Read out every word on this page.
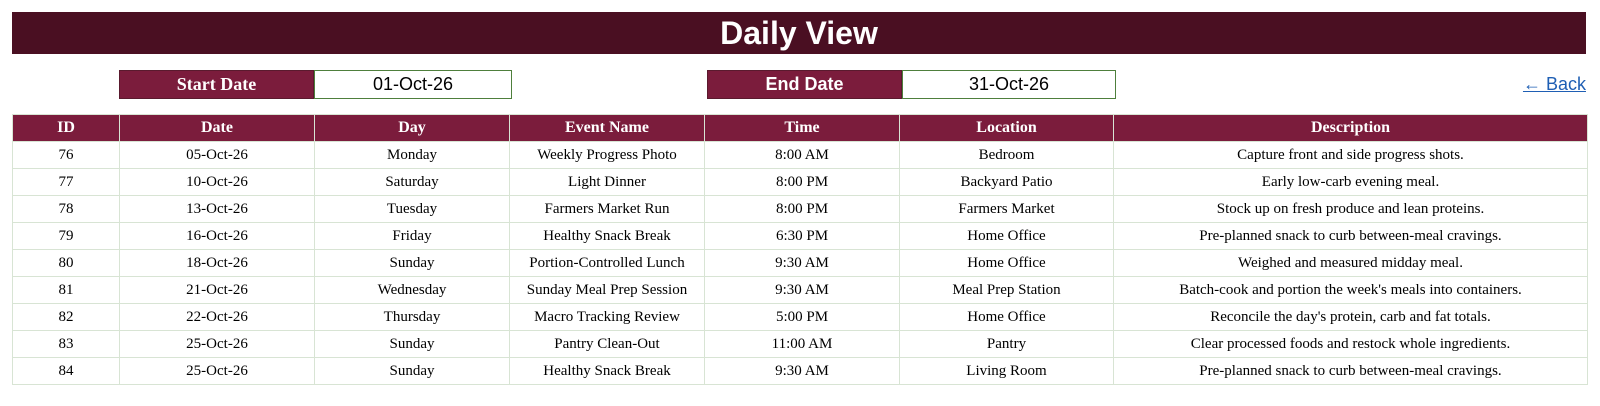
Daily View
Start Date	01-Oct-26	End Date	31-Oct-26	← Back
ID	Date	Day	Event Name	Time	Location	Description
76	05-Oct-26	Monday	Weekly Progress Photo	8:00 AM	Bedroom	Capture front and side progress shots.
77	10-Oct-26	Saturday	Light Dinner	8:00 PM	Backyard Patio	Early low-carb evening meal.
78	13-Oct-26	Tuesday	Farmers Market Run	8:00 PM	Farmers Market	Stock up on fresh produce and lean proteins.
79	16-Oct-26	Friday	Healthy Snack Break	6:30 PM	Home Office	Pre-planned snack to curb between-meal cravings.
80	18-Oct-26	Sunday	Portion-Controlled Lunch	9:30 AM	Home Office	Weighed and measured midday meal.
81	21-Oct-26	Wednesday	Sunday Meal Prep Session	9:30 AM	Meal Prep Station	Batch-cook and portion the week's meals into containers.
82	22-Oct-26	Thursday	Macro Tracking Review	5:00 PM	Home Office	Reconcile the day's protein, carb and fat totals.
83	25-Oct-26	Sunday	Pantry Clean-Out	11:00 AM	Pantry	Clear processed foods and restock whole ingredients.
84	25-Oct-26	Sunday	Healthy Snack Break	9:30 AM	Living Room	Pre-planned snack to curb between-meal cravings.
